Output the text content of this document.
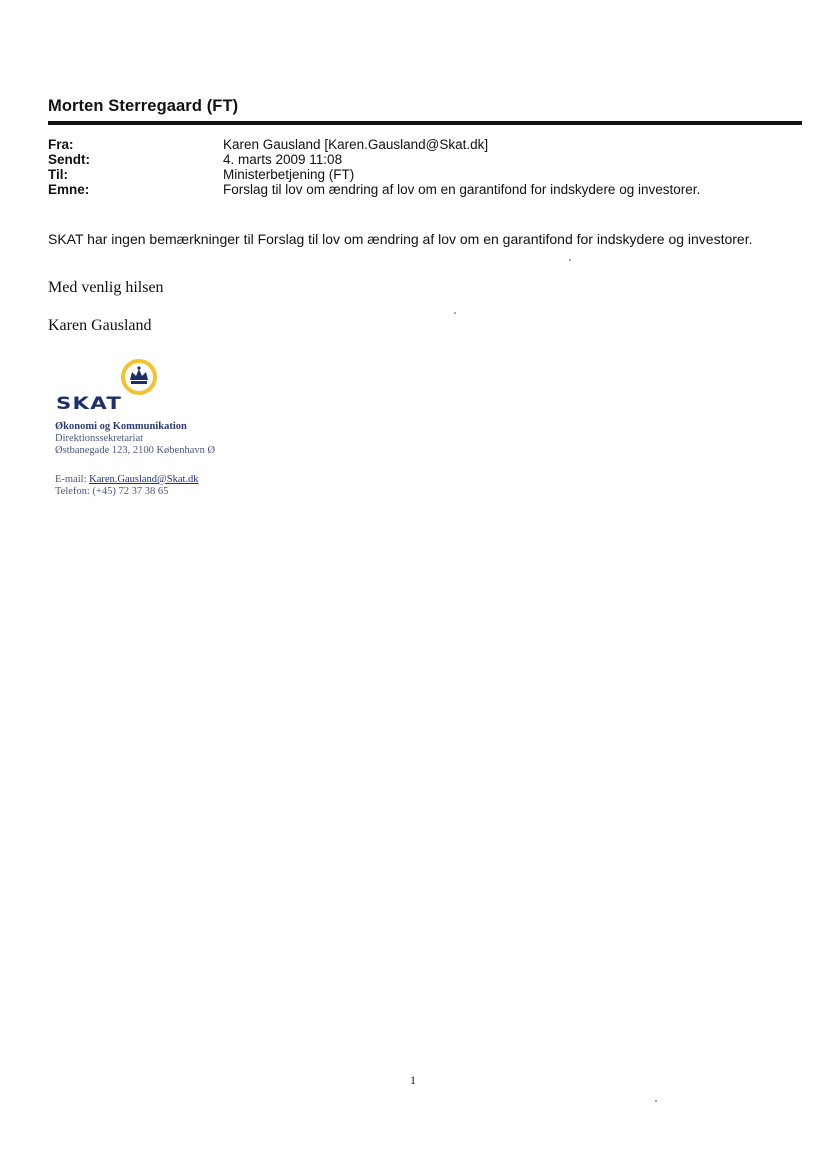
Morten Sterregaard (FT)
Fra:	Karen Gausland [Karen.Gausland@Skat.dk]
Sendt:	4. marts 2009 11:08
Til:	Ministerbetjening (FT)
Emne:	Forslag til lov om ændring af lov om en garantifond for indskydere og investorer.
SKAT har ingen bemærkninger til Forslag til lov om ændring af lov om en garantifond for indskydere og investorer.
Med venlig hilsen
Karen Gausland
SKAT
Økonomi og Kommunikation
Direktionssekretariat
Østbanegade 123, 2100 København Ø
E-mail: Karen.Gausland@Skat.dk
Telefon: (+45) 72 37 38 65
1
